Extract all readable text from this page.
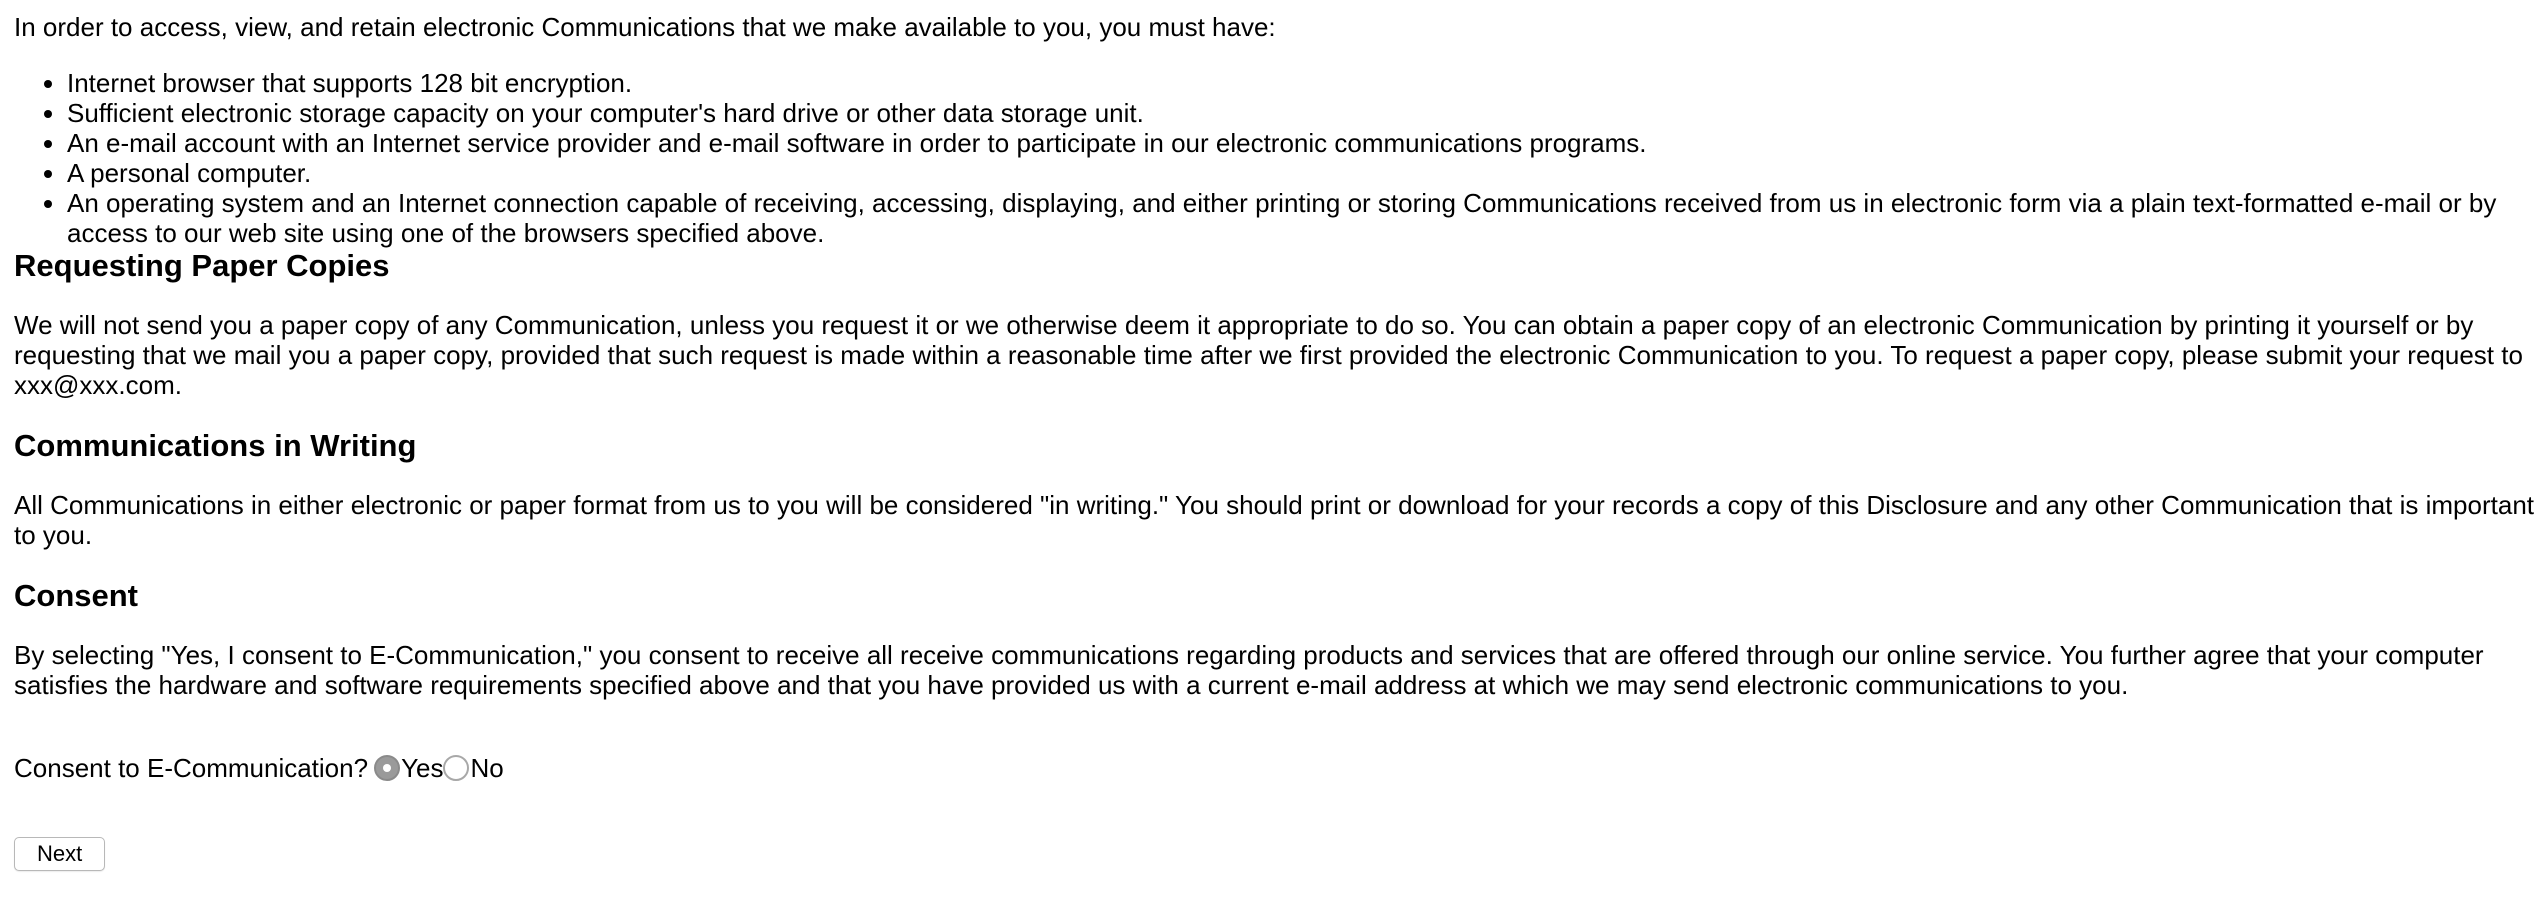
In order to access, view, and retain electronic Communications that we make available to you, you must have:

• Internet browser that supports 128 bit encryption.
• Sufficient electronic storage capacity on your computer's hard drive or other data storage unit.
• An e-mail account with an Internet service provider and e-mail software in order to participate in our electronic communications programs.
• A personal computer.
• An operating system and an Internet connection capable of receiving, accessing, displaying, and either printing or storing Communications received from us in electronic form via a plain text-formatted e-mail or by access to our web site using one of the browsers specified above.
Requesting Paper Copies

We will not send you a paper copy of any Communication, unless you request it or we otherwise deem it appropriate to do so. You can obtain a paper copy of an electronic Communication by printing it yourself or by requesting that we mail you a paper copy, provided that such request is made within a reasonable time after we first provided the electronic Communication to you. To request a paper copy, please submit your request to xxx@xxx.com.

Communications in Writing

All Communications in either electronic or paper format from us to you will be considered "in writing." You should print or download for your records a copy of this Disclosure and any other Communication that is important to you.

Consent

By selecting "Yes, I consent to E-Communication," you consent to receive all receive communications regarding products and services that are offered through our online service. You further agree that your computer satisfies the hardware and software requirements specified above and that you have provided us with a current e-mail address at which we may send electronic communications to you.

Consent to E-Communication? Yes No
Next
